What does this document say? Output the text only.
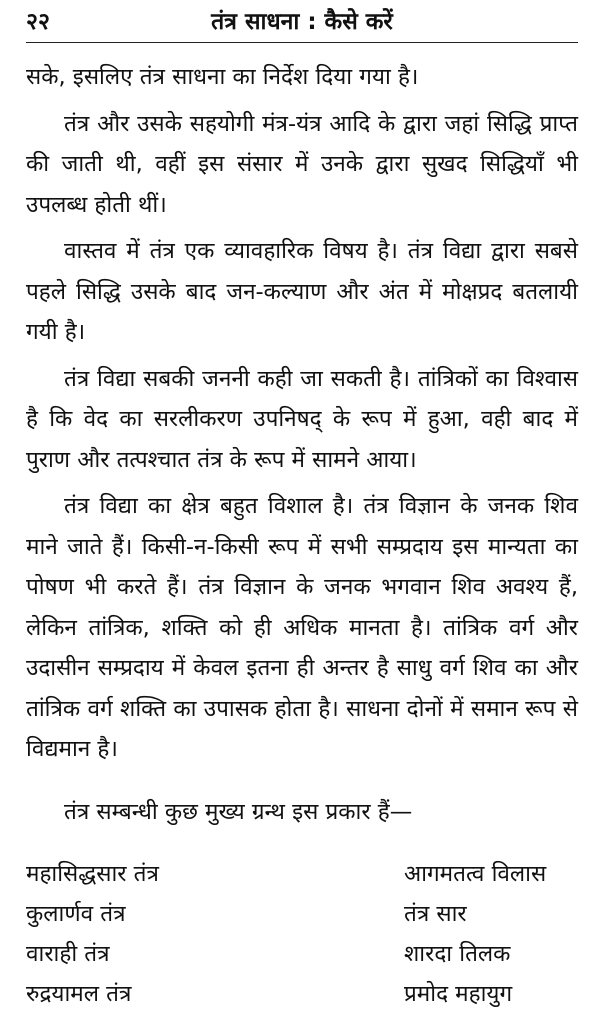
२२	तंत्र साधना : कैसे करें

सके, इसलिए तंत्र साधना का निर्देश दिया गया है।

तंत्र और उसके सहयोगी मंत्र-यंत्र आदि के द्वारा जहां सिद्धि प्राप्त की जाती थी, वहीं इस संसार में उनके द्वारा सुखद सिद्धियाँ भी उपलब्ध होती थीं।

वास्तव में तंत्र एक व्यावहारिक विषय है। तंत्र विद्या द्वारा सबसे पहले सिद्धि उसके बाद जन-कल्याण और अंत में मोक्षप्रद बतलायी गयी है।

तंत्र विद्या सबकी जननी कही जा सकती है। तांत्रिकों का विश्वास है कि वेद का सरलीकरण उपनिषद् के रूप में हुआ, वही बाद में पुराण और तत्पश्चात तंत्र के रूप में सामने आया।

तंत्र विद्या का क्षेत्र बहुत विशाल है। तंत्र विज्ञान के जनक शिव माने जाते हैं। किसी-न-किसी रूप में सभी सम्प्रदाय इस मान्यता का पोषण भी करते हैं। तंत्र विज्ञान के जनक भगवान शिव अवश्य हैं, लेकिन तांत्रिक, शक्ति को ही अधिक मानता है। तांत्रिक वर्ग और उदासीन सम्प्रदाय में केवल इतना ही अन्तर है साधु वर्ग शिव का और तांत्रिक वर्ग शक्ति का उपासक होता है। साधना दोनों में समान रूप से विद्यमान है।

तंत्र सम्बन्धी कुछ मुख्य ग्रन्थ इस प्रकार हैं—
महासिद्धसार तंत्र	आगमतत्व विलास
कुलार्णव तंत्र	तंत्र सार
वाराही तंत्र	शारदा तिलक
रुद्रयामल तंत्र	प्रमोद महायुग
